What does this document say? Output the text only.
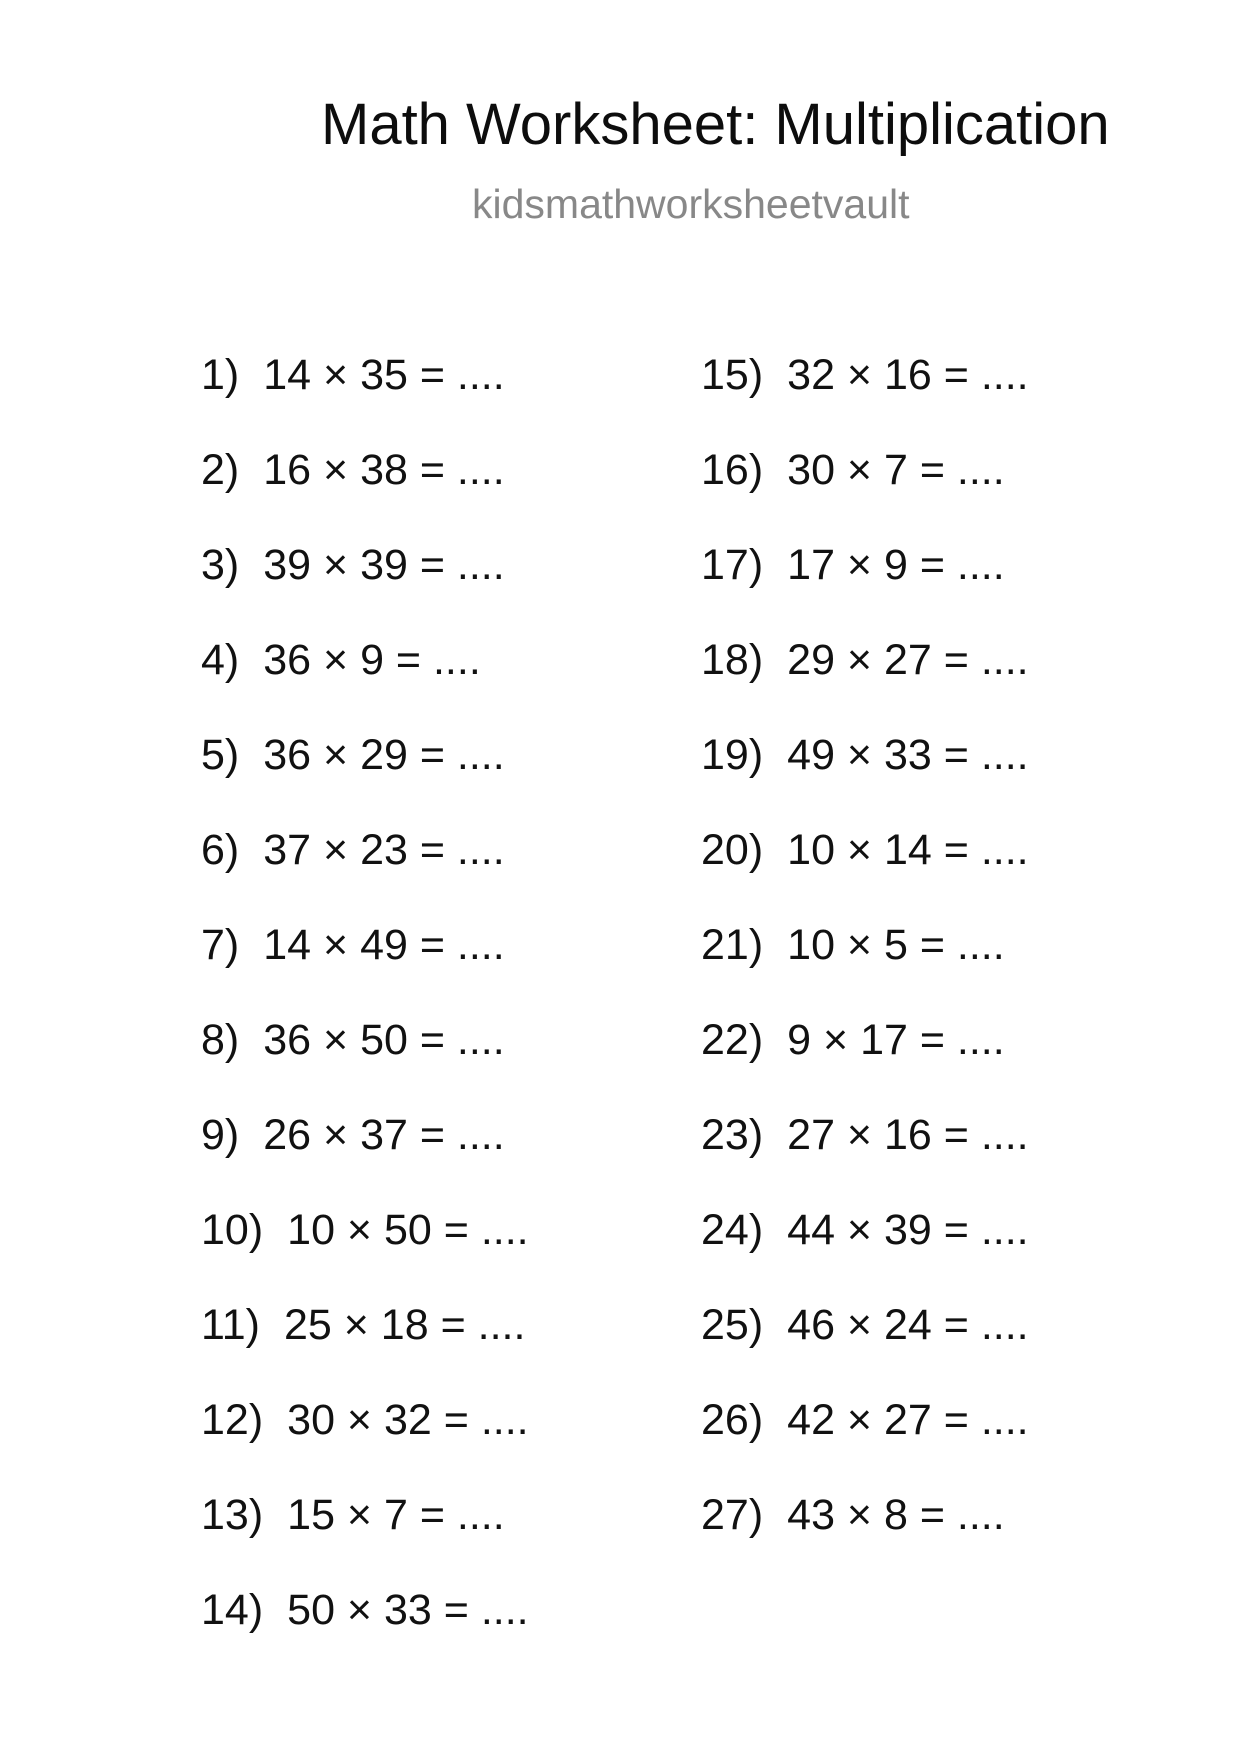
Math Worksheet: Multiplication
kidsmathworksheetvault
1) 14 × 35 = ....
2) 16 × 38 = ....
3) 39 × 39 = ....
4) 36 × 9 = ....
5) 36 × 29 = ....
6) 37 × 23 = ....
7) 14 × 49 = ....
8) 36 × 50 = ....
9) 26 × 37 = ....
10) 10 × 50 = ....
11) 25 × 18 = ....
12) 30 × 32 = ....
13) 15 × 7 = ....
14) 50 × 33 = ....
15) 32 × 16 = ....
16) 30 × 7 = ....
17) 17 × 9 = ....
18) 29 × 27 = ....
19) 49 × 33 = ....
20) 10 × 14 = ....
21) 10 × 5 = ....
22) 9 × 17 = ....
23) 27 × 16 = ....
24) 44 × 39 = ....
25) 46 × 24 = ....
26) 42 × 27 = ....
27) 43 × 8 = ....
